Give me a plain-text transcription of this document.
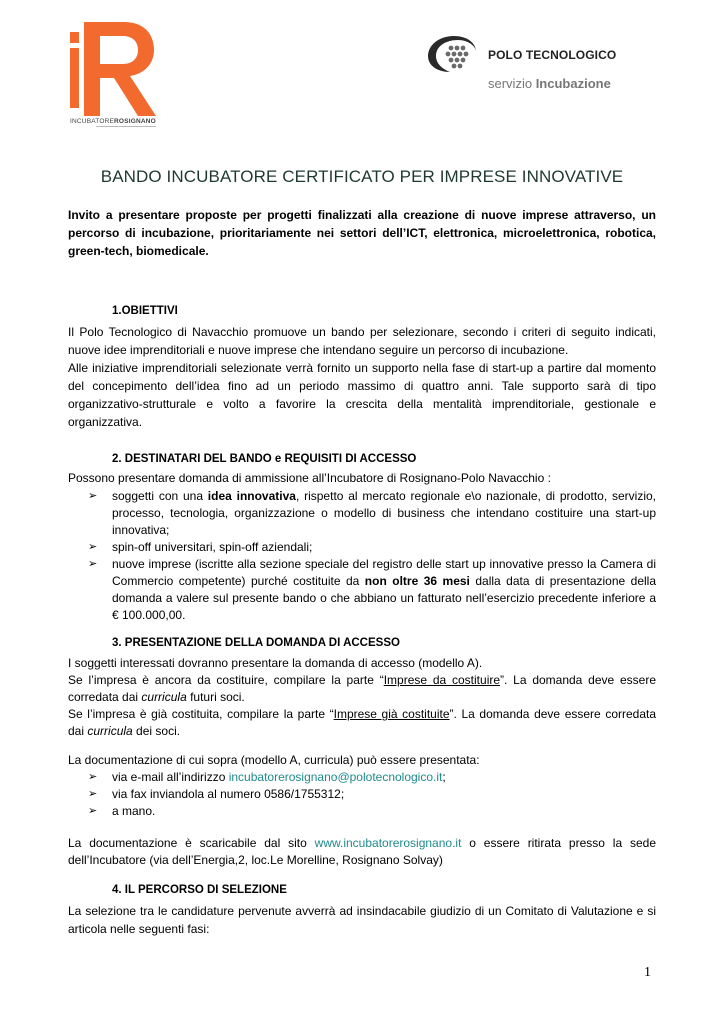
INCUBATOREROSIGNANO
POLO TECNOLOGICO
servizio Incubazione
BANDO INCUBATORE CERTIFICATO PER IMPRESE INNOVATIVE
Invito a presentare proposte per progetti finalizzati alla creazione di nuove imprese attraverso, un percorso di incubazione, prioritariamente nei settori dell’ICT, elettronica, microelettronica, robotica, green-tech, biomedicale.
1.OBIETTIVI
Il Polo Tecnologico di Navacchio promuove un bando per selezionare, secondo i criteri di seguito indicati, nuove idee imprenditoriali e nuove imprese che intendano seguire un percorso di incubazione.
Alle iniziative imprenditoriali selezionate verrà fornito un supporto nella fase di start-up a partire dal momento del concepimento dell’idea fino ad un periodo massimo di quattro anni. Tale supporto sarà di tipo organizzativo-strutturale e volto a favorire la crescita della mentalità imprenditoriale, gestionale e organizzativa.
2. DESTINATARI DEL BANDO e REQUISITI DI ACCESSO
Possono presentare domanda di ammissione all’Incubatore di Rosignano-Polo Navacchio :
➢	soggetti con una idea innovativa, rispetto al mercato regionale e\o nazionale, di prodotto, servizio, processo, tecnologia, organizzazione o modello di business che intendano costituire una start-up innovativa;
➢	spin-off universitari, spin-off aziendali;
➢	nuove imprese (iscritte alla sezione speciale del registro delle start up innovative presso la Camera di Commercio competente) purché costituite da non oltre 36 mesi dalla data di presentazione della domanda a valere sul presente bando o che abbiano un fatturato nell’esercizio precedente inferiore a € 100.000,00.
3. PRESENTAZIONE DELLA DOMANDA DI ACCESSO
I soggetti interessati dovranno presentare la domanda di accesso (modello A).
Se l’impresa è ancora da costituire, compilare la parte “Imprese da costituire”. La domanda deve essere corredata dai curricula futuri soci.
Se l’impresa è già costituita, compilare la parte “Imprese già costituite”. La domanda deve essere corredata dai curricula dei soci.
La documentazione di cui sopra (modello A, curricula) può essere presentata:
➢	via e-mail all’indirizzo incubatorerosignano@polotecnologico.it;
➢	via fax inviandola al numero 0586/1755312;
➢	a mano.
La documentazione è scaricabile dal sito www.incubatorerosignano.it o essere ritirata presso la sede dell’Incubatore (via dell’Energia,2, loc.Le Morelline, Rosignano Solvay)
4. IL PERCORSO DI SELEZIONE
La selezione tra le candidature pervenute avverrà ad insindacabile giudizio di un Comitato di Valutazione e si articola nelle seguenti fasi:
1
